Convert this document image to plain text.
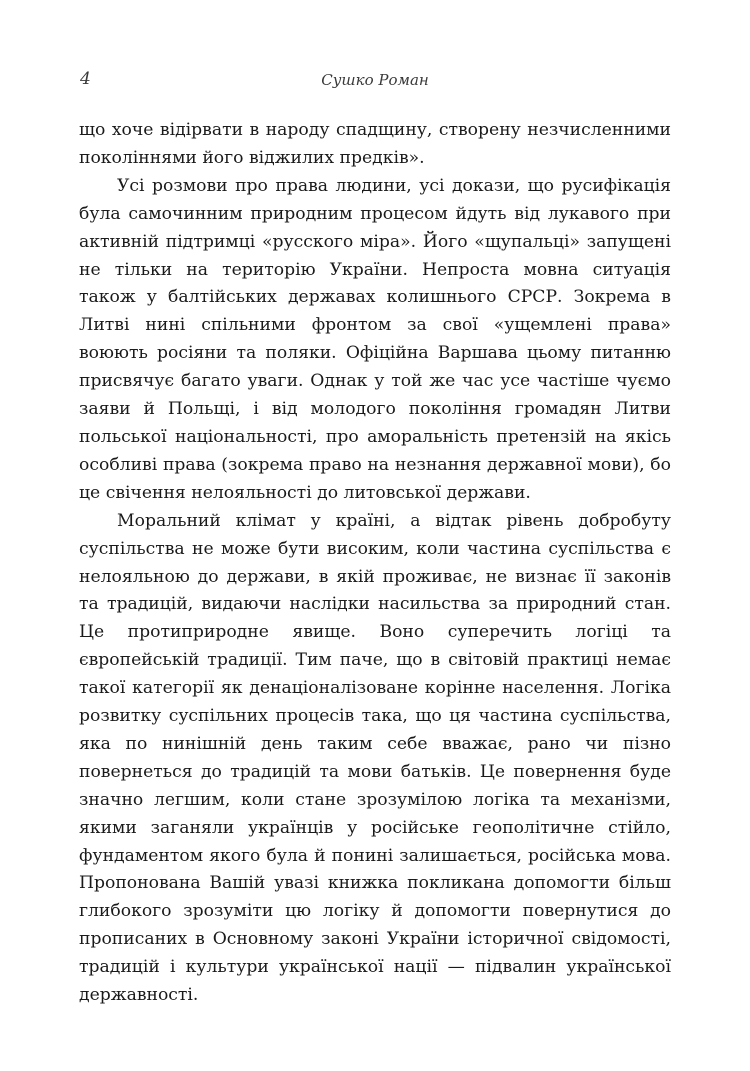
4	Сушко Роман

що хоче відірвати в народу спадщину, створену незчисленними поколіннями його віджилих предків».

Усі розмови про права людини, усі докази, що русифікація була самочинним природним процесом йдуть від лукавого при активній підтримці «русского міра». Його «щупальці» запущені не тільки на територію України. Непроста мовна ситуація також у балтійських державах колишнього СРСР. Зокрема в Литві нині спільними фронтом за свої «ущемлені права» воюють росіяни та поляки. Офіційна Варшава цьому питанню присвячує багато уваги. Однак у той же час усе частіше чуємо заяви й Польщі, і від молодого покоління громадян Литви польської національності, про аморальність претензій на якісь особливі права (зокрема право на незнання державної мови), бо це свічення нелояльності до литовської держави.

Моральний клімат у країні, а відтак рівень добробуту суспільства не може бути високим, коли частина суспільства є нелояльною до держави, в якій проживає, не визнає її законів та традицій, видаючи наслідки насильства за природний стан. Це протиприродне явище. Воно суперечить логіці та європейській традиції. Тим паче, що в світовій практиці немає такої категорії як денаціоналізоване корінне населення. Логіка розвитку суспільних процесів така, що ця частина суспільства, яка по нинішній день таким себе вважає, рано чи пізно повернеться до традицій та мови батьків. Це повернення буде значно легшим, коли стане зрозумілою логіка та механізми, якими заганяли українців у російське геополітичне стійло, фундаментом якого була й понині залишається, російська мова. Пропонована Вашій увазі книжка покликана допомогти більш глибокого зрозуміти цю логіку й допомогти повернутися до прописаних в Основному законі України історичної свідомості, традицій і культури української нації — підвалин української державності.
